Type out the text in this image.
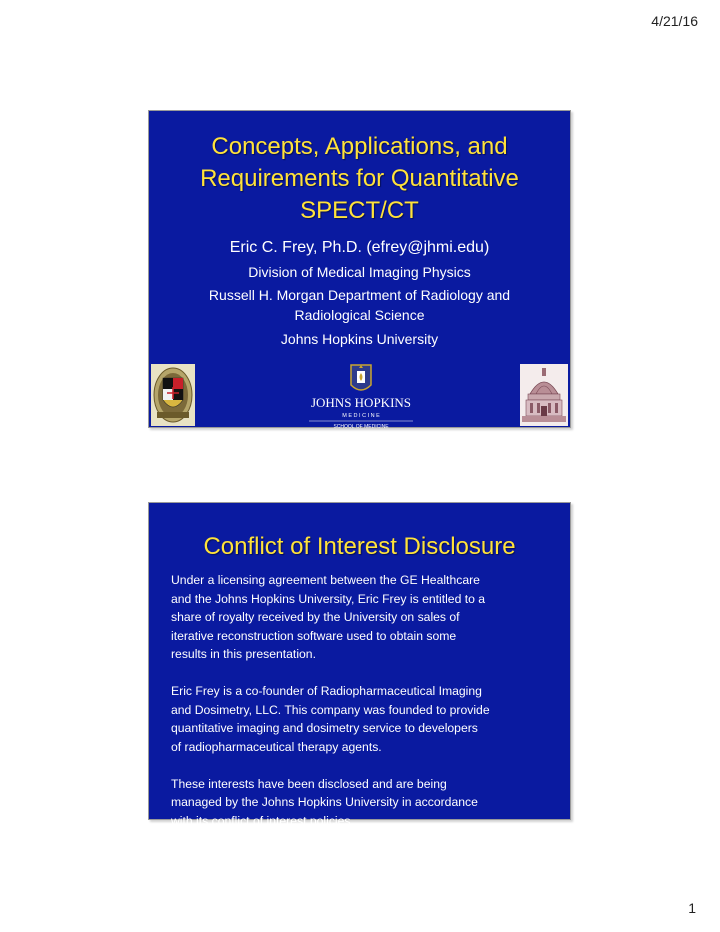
4/21/16
Concepts, Applications, and
Requirements for Quantitative
SPECT/CT
Eric C. Frey, Ph.D. (efrey@jhmi.edu)
Division of Medical Imaging Physics
Russell H. Morgan Department of Radiology and
Radiological Science
Johns Hopkins University
JOHNS HOPKINS
M E D I C I N E
SCHOOL OF MEDICINE
Conflict of Interest Disclosure

Under a licensing agreement between the GE Healthcare
and the Johns Hopkins University, Eric Frey is entitled to a
share of royalty received by the University on sales of
iterative reconstruction software used to obtain some
results in this presentation.

Eric Frey is a co-founder of Radiopharmaceutical Imaging
and Dosimetry, LLC. This company was founded to provide
quantitative imaging and dosimetry service to developers
of radiopharmaceutical therapy agents.

These interests have been disclosed and are being
managed by the Johns Hopkins University in accordance
with its conflict of interest policies.

1
